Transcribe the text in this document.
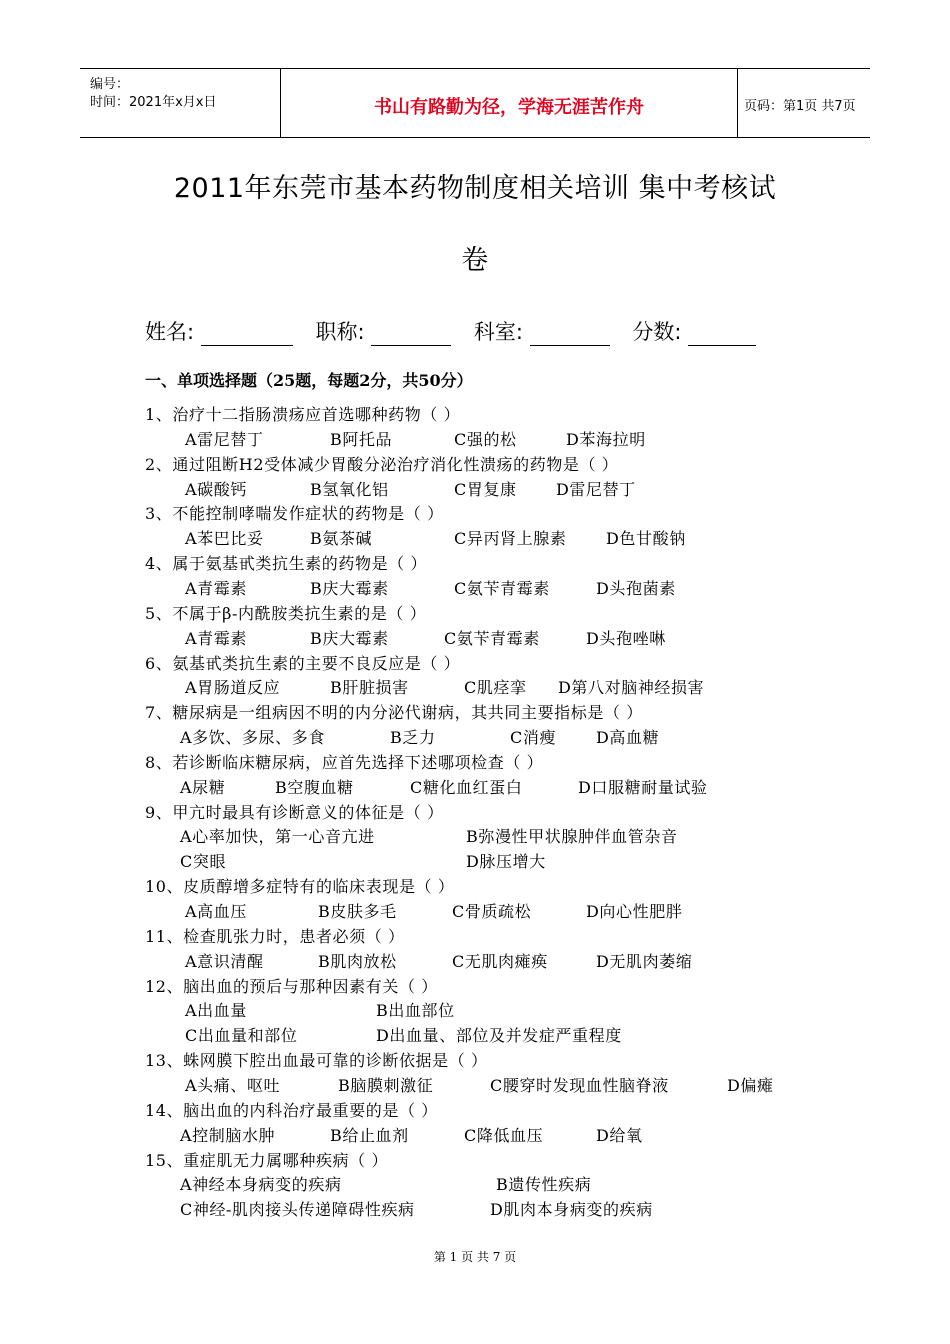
编号：
时间：2021年x月x日	书山有路勤为径，学海无涯苦作舟	页码：第1页 共7页
2011年东莞市基本药物制度相关培训 集中考核试
卷
姓名:	职称:	科室:	分数:
一、单项选择题（25题，每题2分，共50分）
1、治疗十二指肠溃疡应首选哪种药物（ ）
A雷尼替丁	B阿托品	C强的松	D苯海拉明
2、通过阻断H2受体减少胃酸分泌治疗消化性溃疡的药物是（ ）
A碳酸钙	B氢氧化铝	C胃复康 D雷尼替丁
3、不能控制哮喘发作症状的药物是（ ）
A苯巴比妥	B氨茶碱	C异丙肾上腺素 D色甘酸钠
4、属于氨基甙类抗生素的药物是（ ）
A青霉素	B庆大霉素	C氨苄青霉素	D头孢菌素
5、不属于β-内酰胺类抗生素的是（ ）
A青霉素	B庆大霉素	C氨苄青霉素	D头孢唑啉
6、氨基甙类抗生素的主要不良反应是（ ）
A胃肠道反应	B肝脏损害	C肌痉挛 D第八对脑神经损害
7、糖尿病是一组病因不明的内分泌代谢病，其共同主要指标是（ ）
A多饮、多尿、多食	B乏力	C消瘦 D高血糖
8、若诊断临床糖尿病，应首先选择下述哪项检查（ ）
A尿糖	B空腹血糖	C糖化血红蛋白	D口服糖耐量试验
9、甲亢时最具有诊断意义的体征是（ ）
A心率加快，第一心音亢进	B弥漫性甲状腺肿伴血管杂音
C突眼	D脉压增大
10、皮质醇增多症特有的临床表现是（ ）
A高血压	B皮肤多毛	C骨质疏松	D向心性肥胖
11、检查肌张力时，患者必须（ ）
A意识清醒	B肌肉放松	C无肌肉瘫痪	D无肌肉萎缩
12、脑出血的预后与那种因素有关（ ）
A出血量	B出血部位
C出血量和部位	D出血量、部位及并发症严重程度
13、蛛网膜下腔出血最可靠的诊断依据是（ ）
A头痛、呕吐	B脑膜刺激征	C腰穿时发现血性脑脊液	D偏瘫
14、脑出血的内科治疗最重要的是（ ）
A控制脑水肿	B给止血剂	C降低血压	D给氧
15、重症肌无力属哪种疾病（ ）
A神经本身病变的疾病	B遗传性疾病
C神经-肌肉接头传递障碍性疾病	D肌肉本身病变的疾病
第 1 页 共 7 页
